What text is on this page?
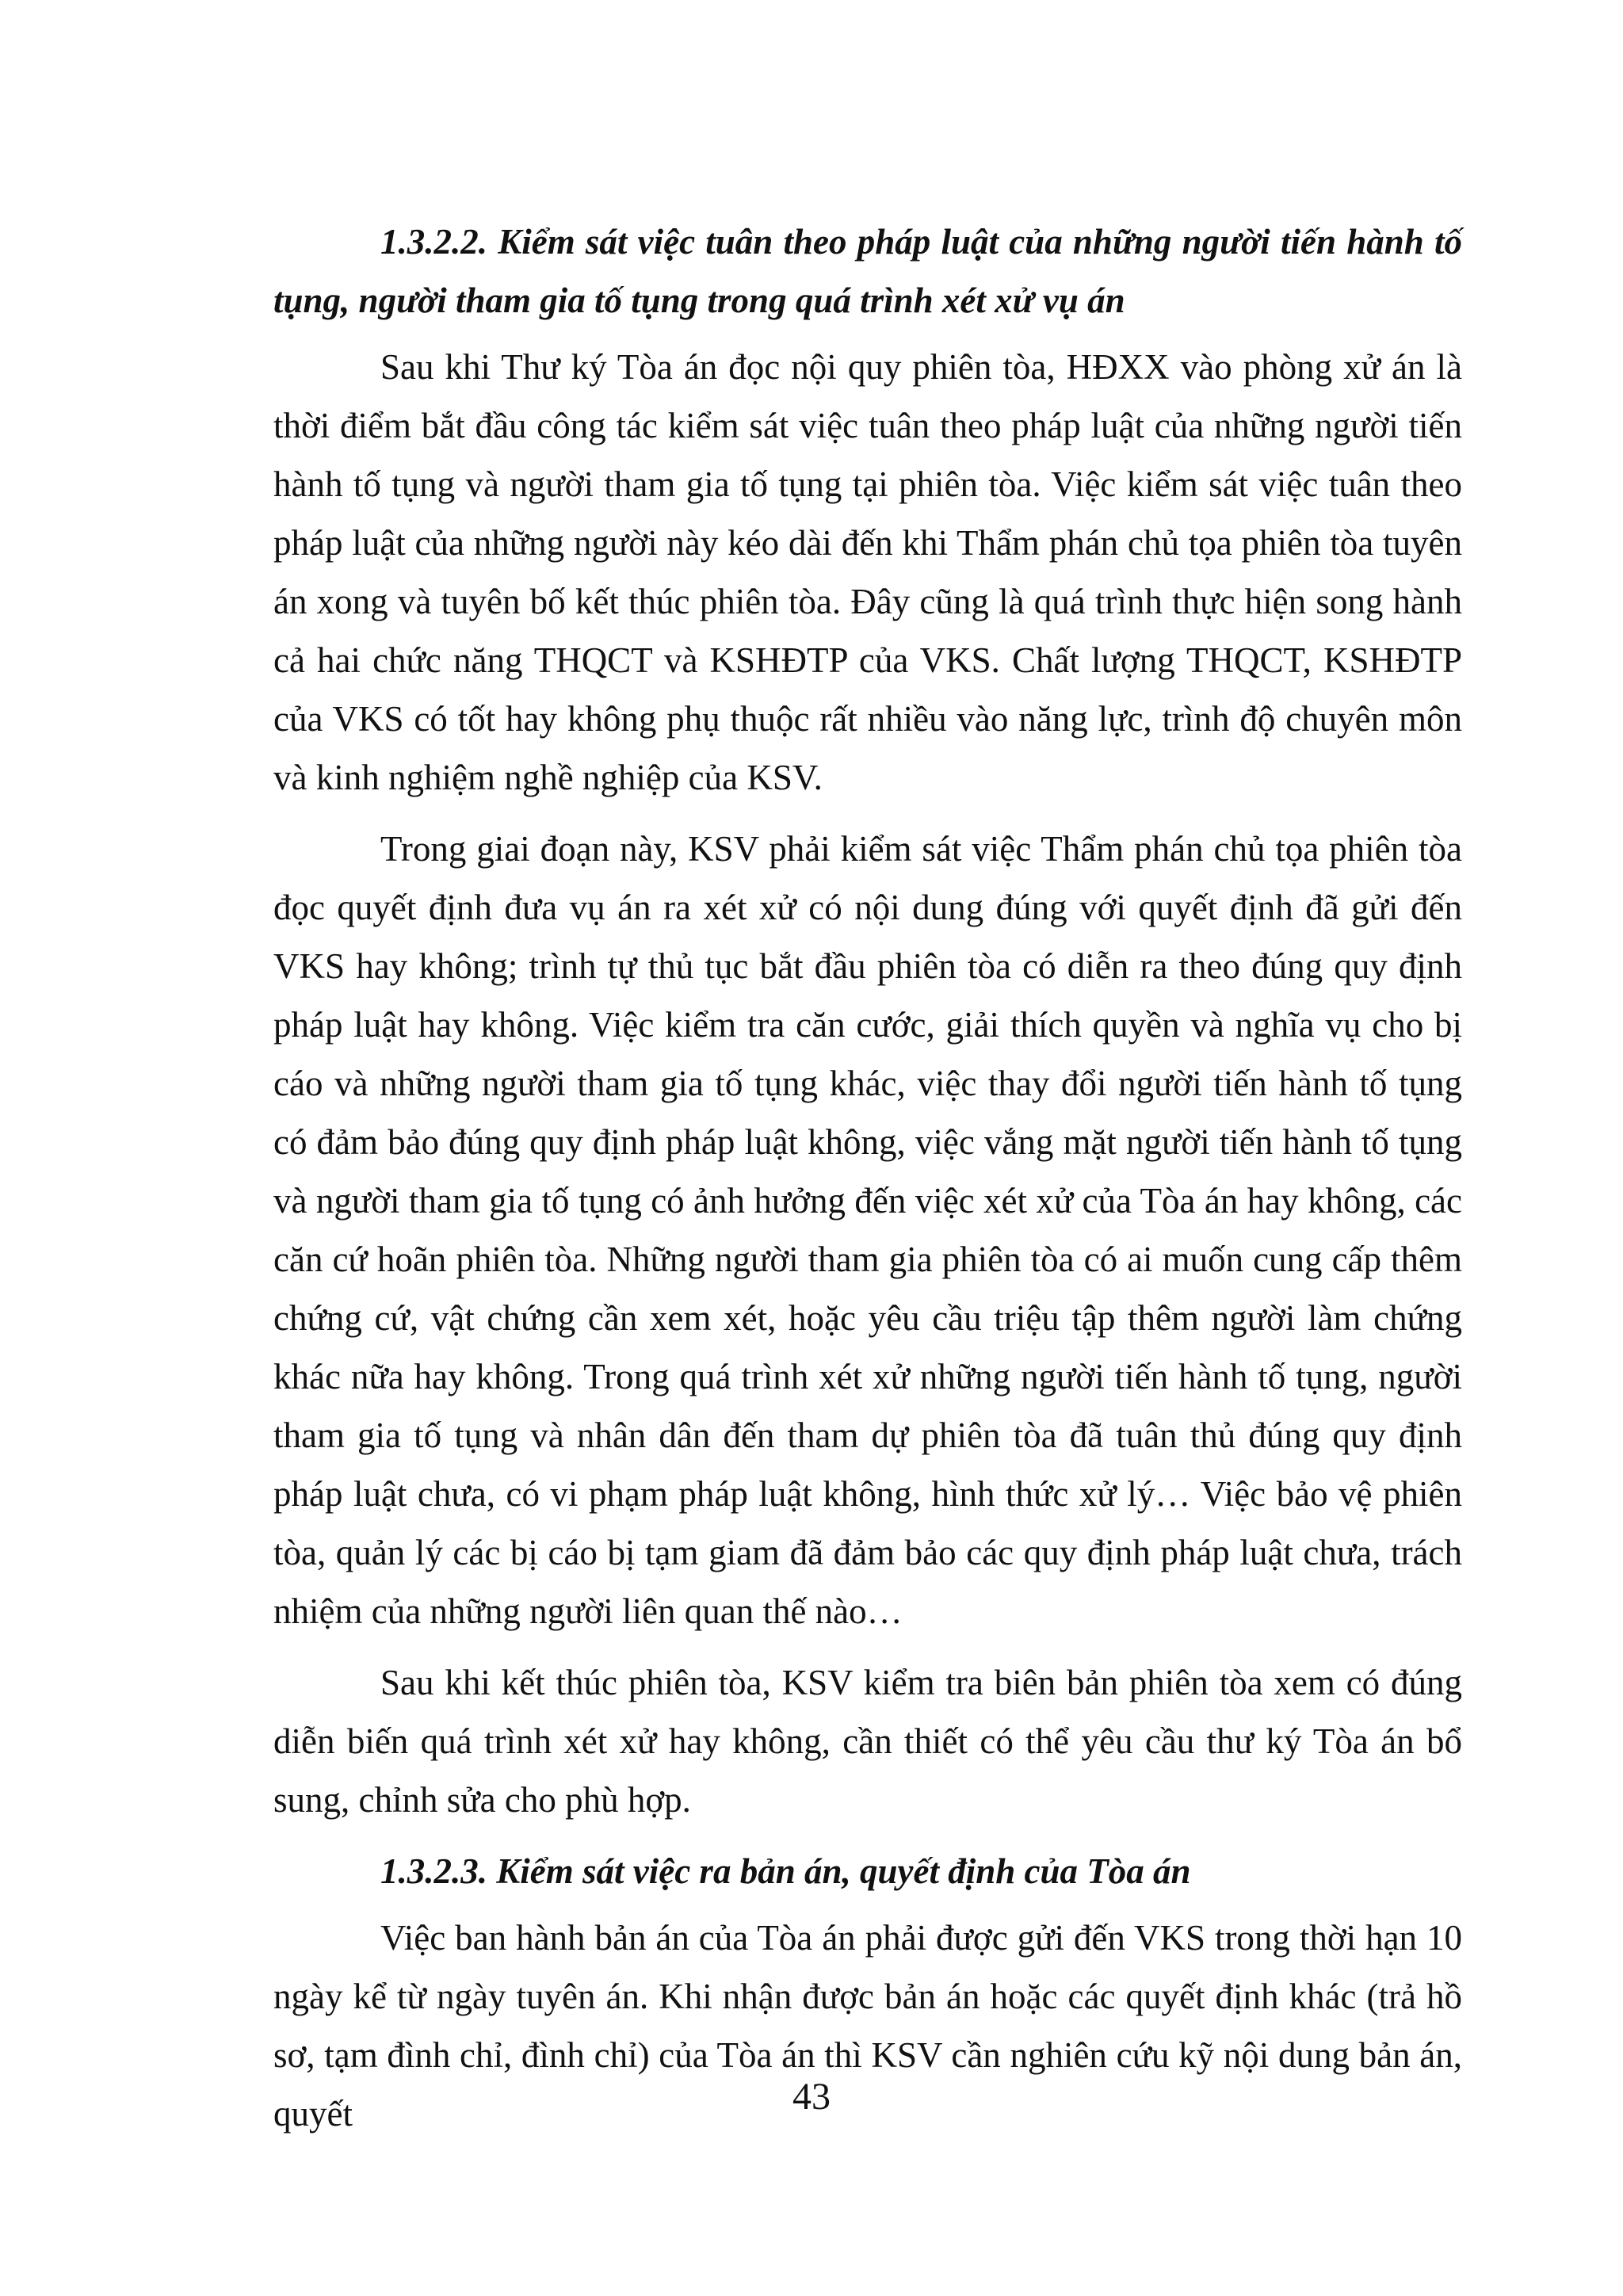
1.3.2.2. Kiểm sát việc tuân theo pháp luật của những người tiến hành tố tụng, người tham gia tố tụng trong quá trình xét xử vụ án

Sau khi Thư ký Tòa án đọc nội quy phiên tòa, HĐXX vào phòng xử án là thời điểm bắt đầu công tác kiểm sát việc tuân theo pháp luật của những người tiến hành tố tụng và người tham gia tố tụng tại phiên tòa. Việc kiểm sát việc tuân theo pháp luật của những người này kéo dài đến khi Thẩm phán chủ tọa phiên tòa tuyên án xong và tuyên bố kết thúc phiên tòa. Đây cũng là quá trình thực hiện song hành cả hai chức năng THQCT và KSHĐTP của VKS. Chất lượng THQCT, KSHĐTP của VKS có tốt hay không phụ thuộc rất nhiều vào năng lực, trình độ chuyên môn và kinh nghiệm nghề nghiệp của KSV.

Trong giai đoạn này, KSV phải kiểm sát việc Thẩm phán chủ tọa phiên tòa đọc quyết định đưa vụ án ra xét xử có nội dung đúng với quyết định đã gửi đến VKS hay không; trình tự thủ tục bắt đầu phiên tòa có diễn ra theo đúng quy định pháp luật hay không. Việc kiểm tra căn cước, giải thích quyền và nghĩa vụ cho bị cáo và những người tham gia tố tụng khác, việc thay đổi người tiến hành tố tụng có đảm bảo đúng quy định pháp luật không, việc vắng mặt người tiến hành tố tụng và người tham gia tố tụng có ảnh hưởng đến việc xét xử của Tòa án hay không, các căn cứ hoãn phiên tòa. Những người tham gia phiên tòa có ai muốn cung cấp thêm chứng cứ, vật chứng cần xem xét, hoặc yêu cầu triệu tập thêm người làm chứng khác nữa hay không. Trong quá trình xét xử những người tiến hành tố tụng, người tham gia tố tụng và nhân dân đến tham dự phiên tòa đã tuân thủ đúng quy định pháp luật chưa, có vi phạm pháp luật không, hình thức xử lý… Việc bảo vệ phiên tòa, quản lý các bị cáo bị tạm giam đã đảm bảo các quy định pháp luật chưa, trách nhiệm của những người liên quan thế nào…

Sau khi kết thúc phiên tòa, KSV kiểm tra biên bản phiên tòa xem có đúng diễn biến quá trình xét xử hay không, cần thiết có thể yêu cầu thư ký Tòa án bổ sung, chỉnh sửa cho phù hợp.

1.3.2.3. Kiểm sát việc ra bản án, quyết định của Tòa án

Việc ban hành bản án của Tòa án phải được gửi đến VKS trong thời hạn 10 ngày kể từ ngày tuyên án. Khi nhận được bản án hoặc các quyết định khác (trả hồ sơ, tạm đình chỉ, đình chỉ) của Tòa án thì KSV cần nghiên cứu kỹ nội dung bản án, quyết	43
